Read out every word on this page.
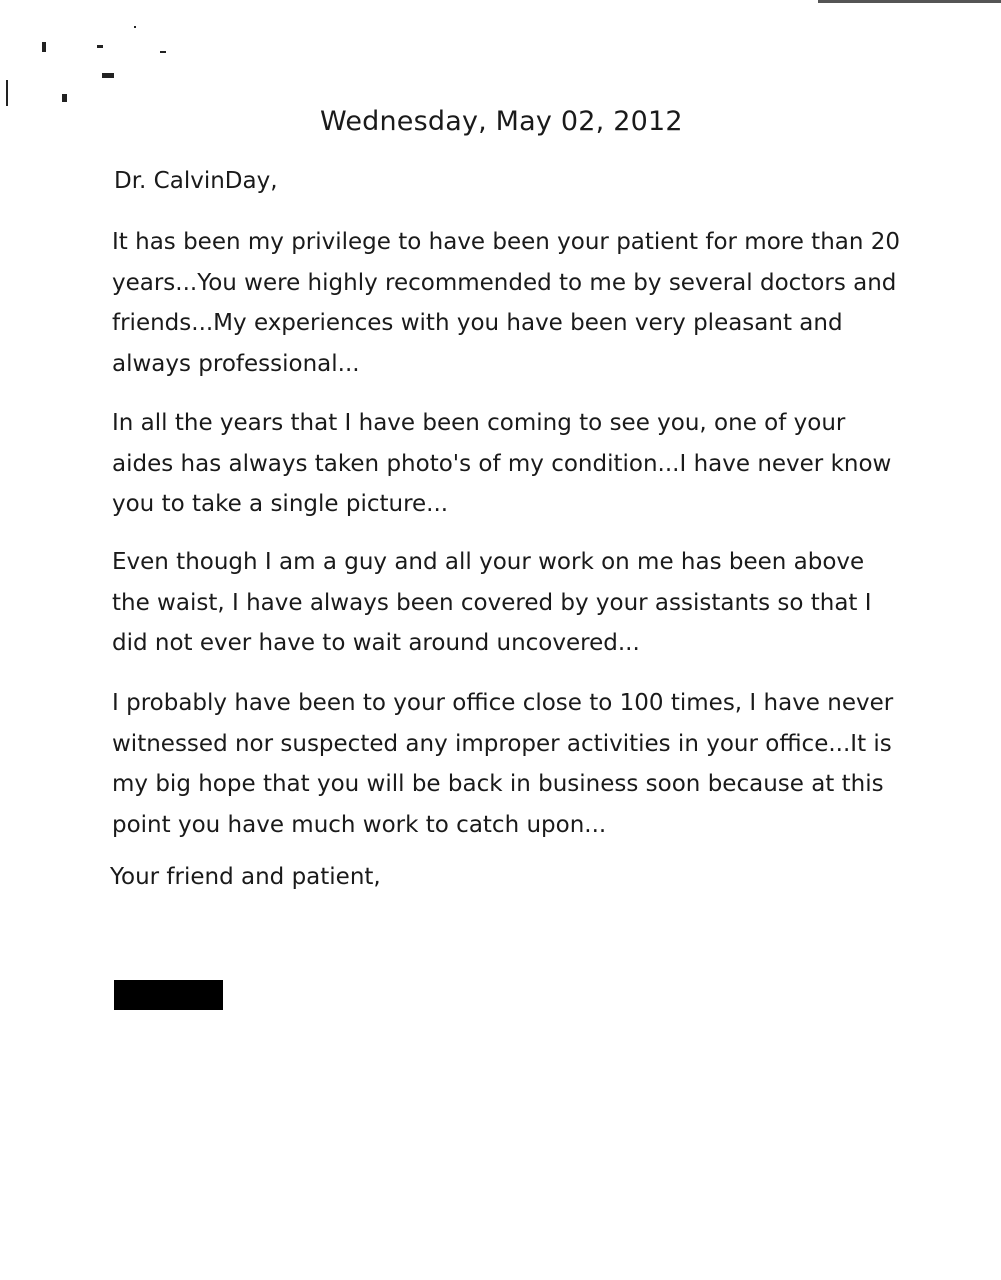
Wednesday, May 02, 2012
Dr. CalvinDay,

It has been my privilege to have been your patient for more than 20 years...You were highly recommended to me by several doctors and friends...My experiences with you have been very pleasant and always professional...

In all the years that I have been coming to see you, one of your aides has always taken photo's of my condition...I have never know you to take a single picture...

Even though I am a guy and all your work on me has been above the waist, I have always been covered by your assistants so that I did not ever have to wait around uncovered...

I probably have been to your office close to 100 times, I have never witnessed nor suspected any improper activities in your office...It is my big hope that you will be back in business soon because at this point you have much work to catch upon...

Your friend and patient,
